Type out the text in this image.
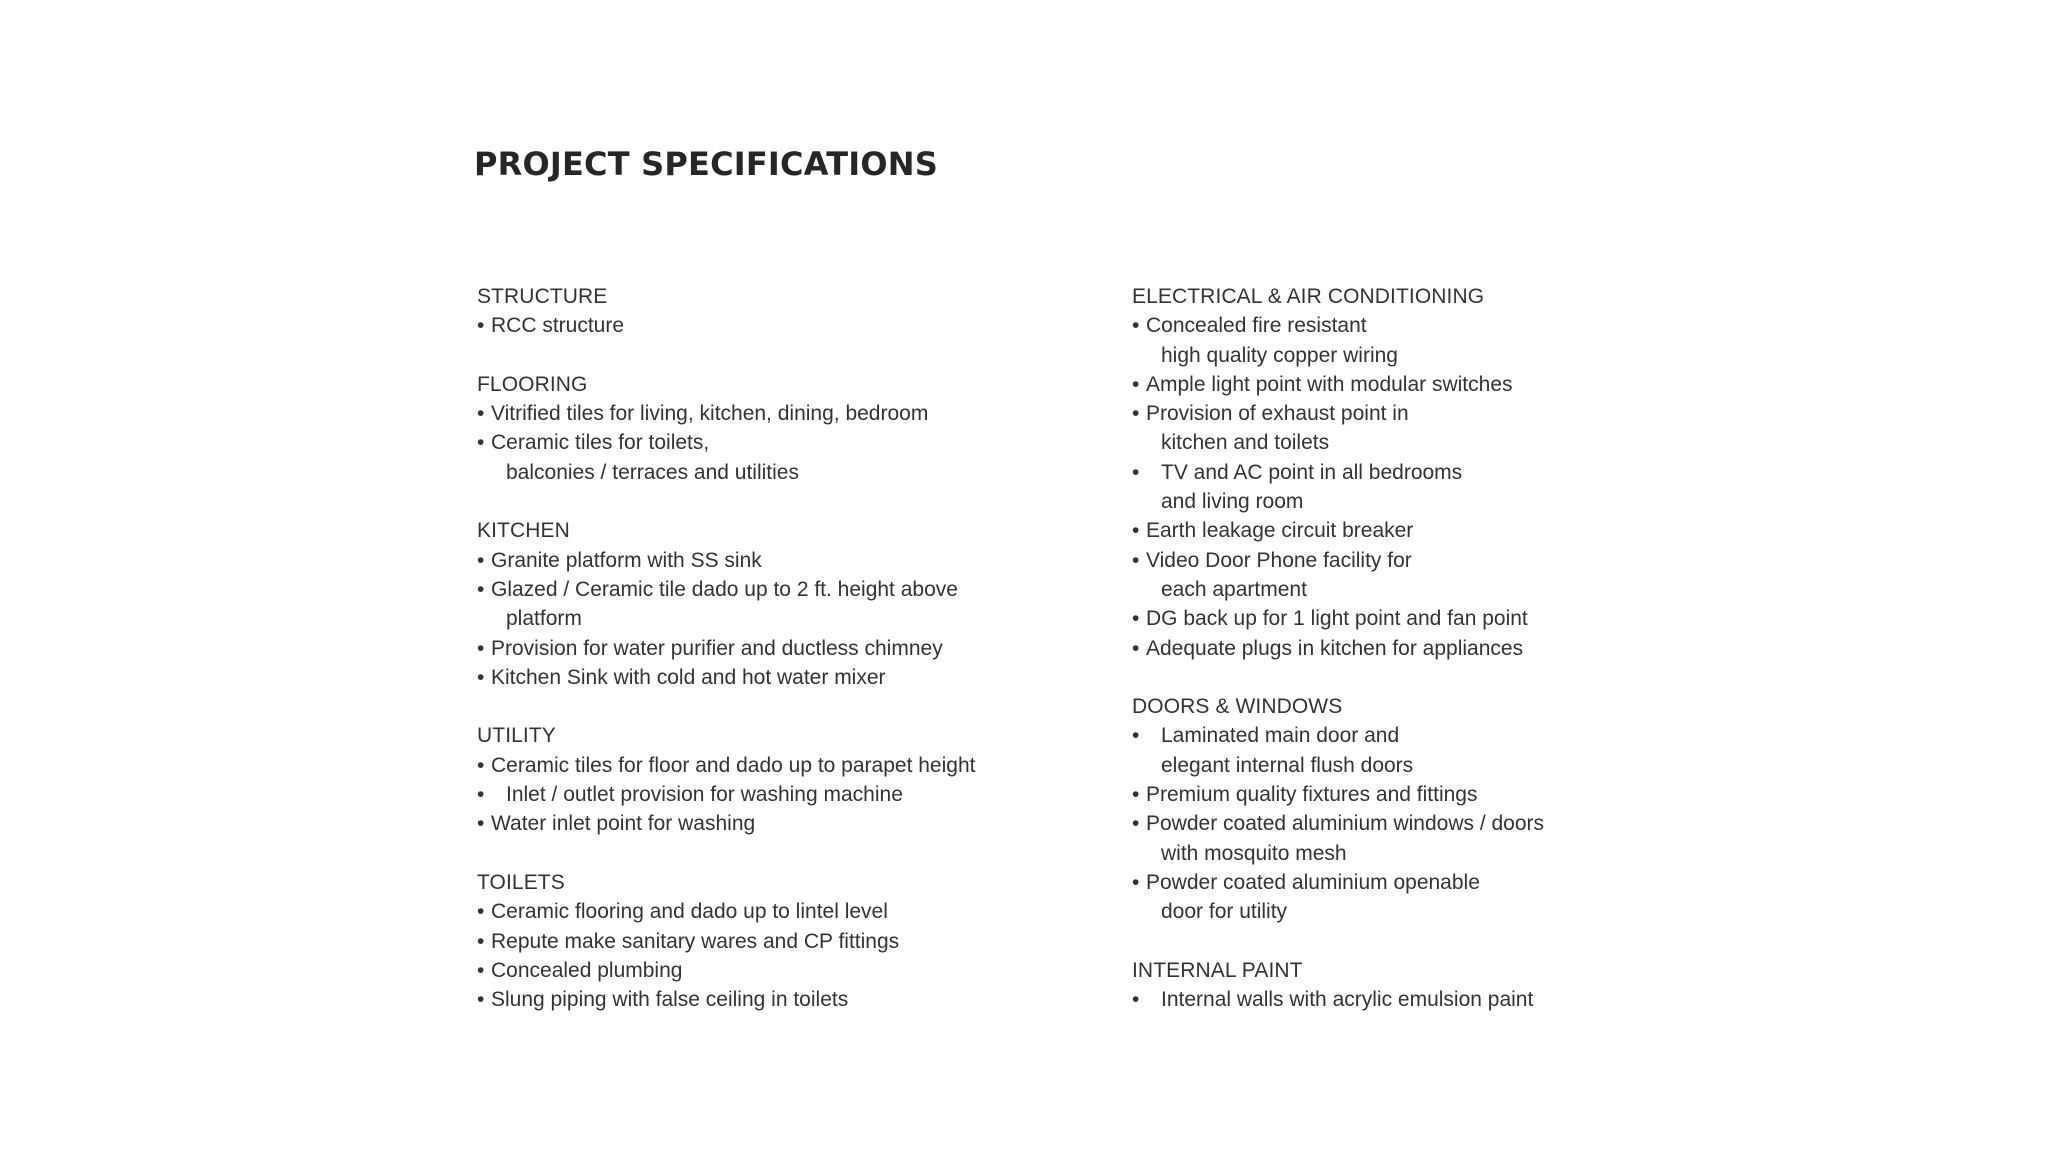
PROJECT SPECIFICATIONS
STRUCTURE
• RCC structure
FLOORING
• Vitrified tiles for living, kitchen, dining, bedroom
• Ceramic tiles for toilets,
balconies / terraces and utilities
KITCHEN
• Granite platform with SS sink
• Glazed / Ceramic tile dado up to 2 ft. height above
platform
• Provision for water purifier and ductless chimney
• Kitchen Sink with cold and hot water mixer
UTILITY
• Ceramic tiles for floor and dado up to parapet height
• Inlet / outlet provision for washing machine
• Water inlet point for washing
TOILETS
• Ceramic flooring and dado up to lintel level
• Repute make sanitary wares and CP fittings
• Concealed plumbing
• Slung piping with false ceiling in toilets
ELECTRICAL & AIR CONDITIONING
• Concealed fire resistant
high quality copper wiring
• Ample light point with modular switches
• Provision of exhaust point in
kitchen and toilets
• TV and AC point in all bedrooms
and living room
• Earth leakage circuit breaker
• Video Door Phone facility for
each apartment
• DG back up for 1 light point and fan point
• Adequate plugs in kitchen for appliances
DOORS & WINDOWS
• Laminated main door and
elegant internal flush doors
• Premium quality fixtures and fittings
• Powder coated aluminium windows / doors
with mosquito mesh
• Powder coated aluminium openable
door for utility
INTERNAL PAINT
• Internal walls with acrylic emulsion paint
